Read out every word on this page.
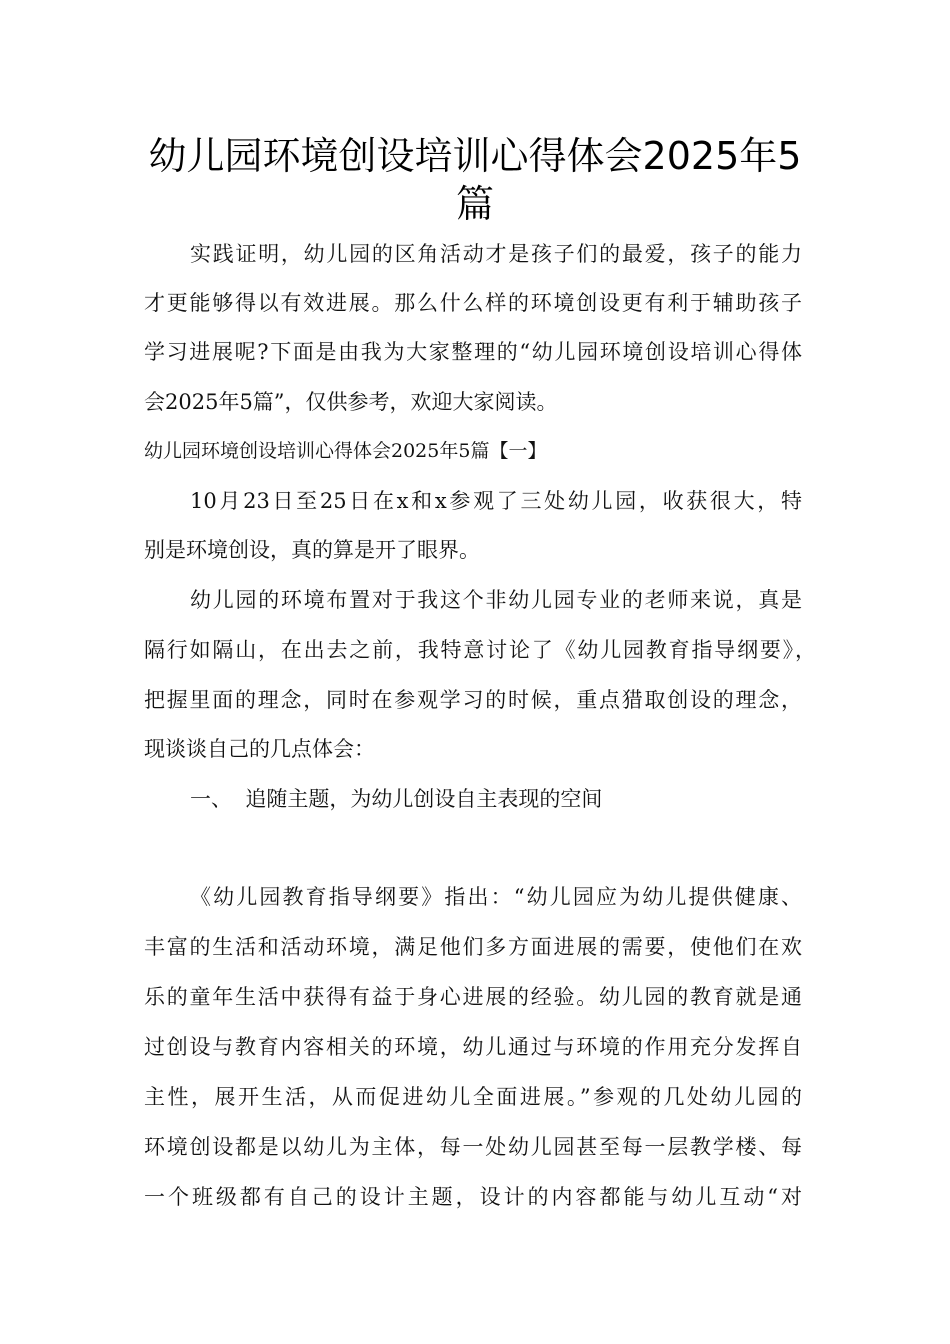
幼儿园环境创设培训心得体会2025年5
篇
实践证明，幼儿园的区角活动才是孩子们的最爱，孩子的能力
才更能够得以有效进展。那么什么样的环境创设更有利于辅助孩子
学习进展呢?下面是由我为大家整理的“幼儿园环境创设培训心得体
会2025年5篇”，仅供参考，欢迎大家阅读。
幼儿园环境创设培训心得体会2025年5篇【一】
10月23日至25日在x和x参观了三处幼儿园，收获很大，特
别是环境创设，真的算是开了眼界。
幼儿园的环境布置对于我这个非幼儿园专业的老师来说，真是
隔行如隔山，在出去之前，我特意讨论了《幼儿园教育指导纲要》，
把握里面的理念，同时在参观学习的时候，重点猎取创设的理念，
现谈谈自己的几点体会：
一、  追随主题，为幼儿创设自主表现的空间
《幼儿园教育指导纲要》指出：“幼儿园应为幼儿提供健康、
丰富的生活和活动环境，满足他们多方面进展的需要，使他们在欢
乐的童年生活中获得有益于身心进展的经验。幼儿园的教育就是通
过创设与教育内容相关的环境，幼儿通过与环境的作用充分发挥自
主性，展开生活，从而促进幼儿全面进展。”参观的几处幼儿园的
环境创设都是以幼儿为主体，每一处幼儿园甚至每一层教学楼、每
一个班级都有自己的设计主题，设计的内容都能与幼儿互动“对
